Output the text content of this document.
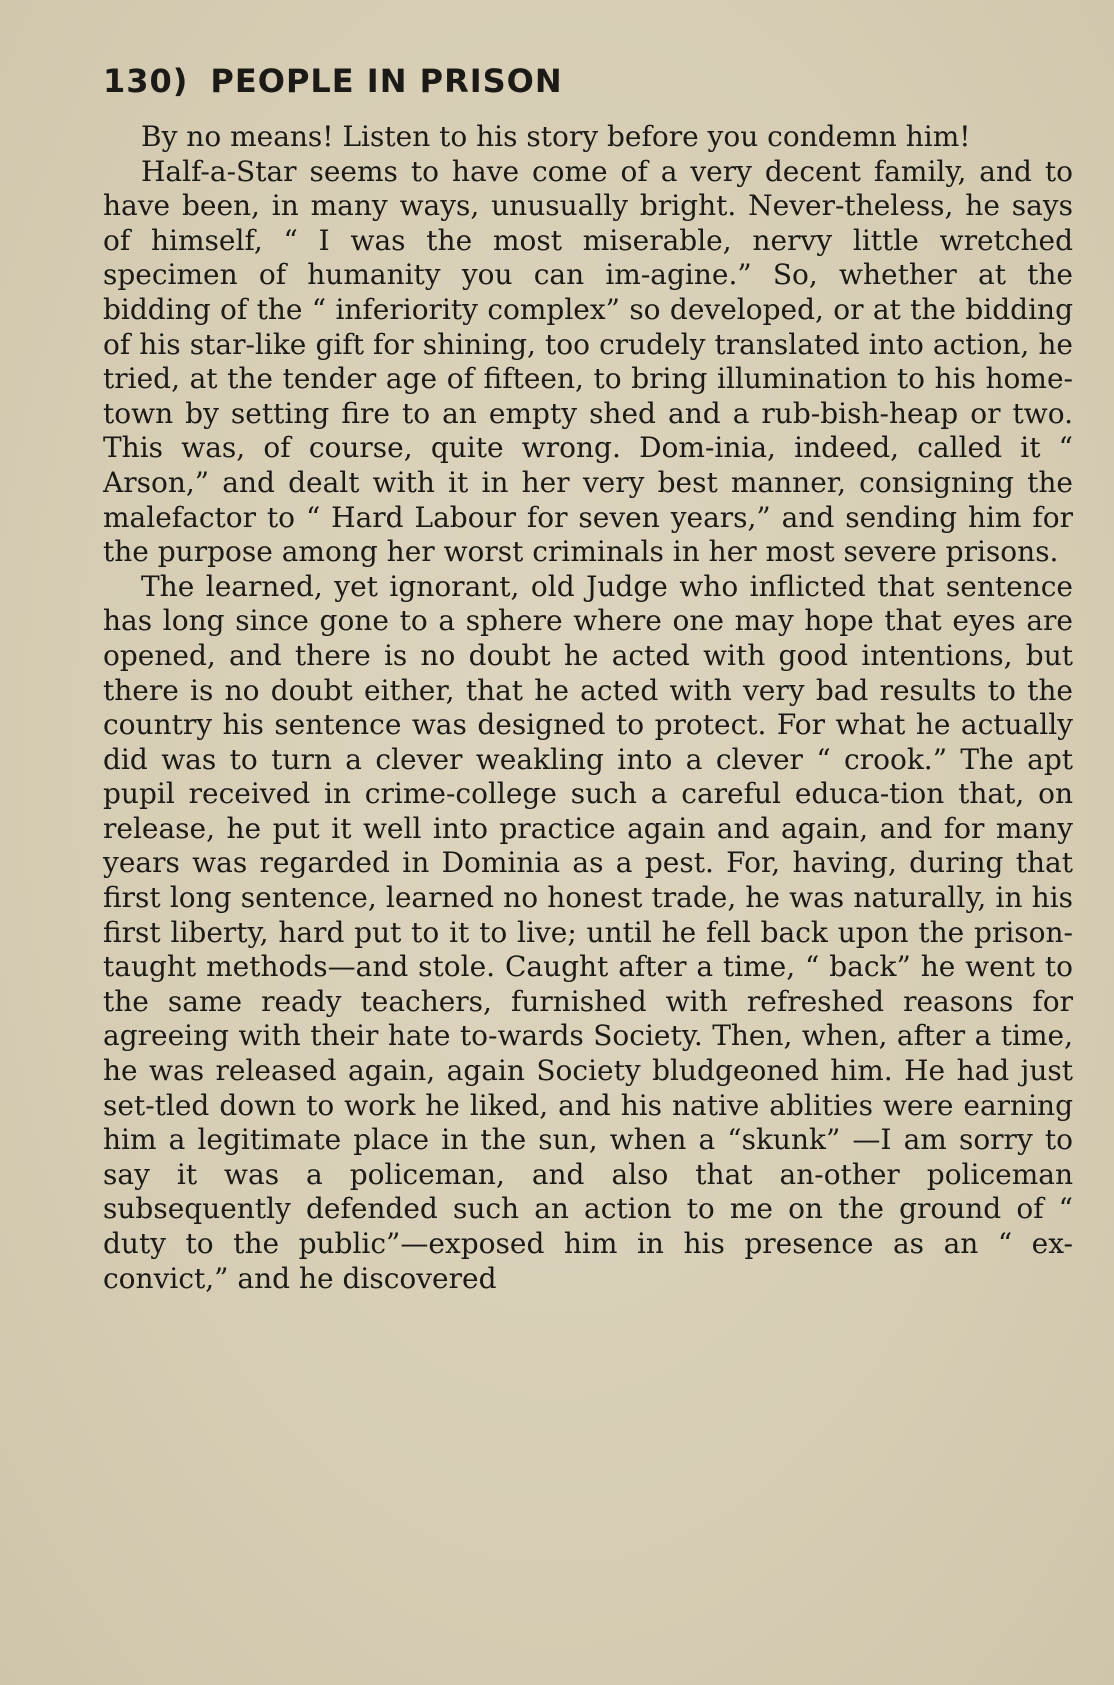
130) PEOPLE IN PRISON

By no means! Listen to his story before you condemn him!

Half-a-Star seems to have come of a very decent family, and to have been, in many ways, unusually bright. Never-theless, he says of himself, “ I was the most miserable, nervy little wretched specimen of humanity you can im-agine.” So, whether at the bidding of the “ inferiority complex” so developed, or at the bidding of his star-like gift for shining, too crudely translated into action, he tried, at the tender age of fifteen, to bring illumination to his home-town by setting fire to an empty shed and a rub-bish-heap or two. This was, of course, quite wrong. Dom-inia, indeed, called it “ Arson,” and dealt with it in her very best manner, consigning the malefactor to “ Hard Labour for seven years,” and sending him for the purpose among her worst criminals in her most severe prisons.

The learned, yet ignorant, old Judge who inflicted that sentence has long since gone to a sphere where one may hope that eyes are opened, and there is no doubt he acted with good intentions, but there is no doubt either, that he acted with very bad results to the country his sentence was designed to protect. For what he actually did was to turn a clever weakling into a clever “ crook.” The apt pupil received in crime-college such a careful educa-tion that, on release, he put it well into practice again and again, and for many years was regarded in Dominia as a pest. For, having, during that first long sentence, learned no honest trade, he was naturally, in his first liberty, hard put to it to live; until he fell back upon the prison-taught methods—and stole. Caught after a time, “ back” he went to the same ready teachers, furnished with refreshed reasons for agreeing with their hate to-wards Society. Then, when, after a time, he was released again, again Society bludgeoned him. He had just set-tled down to work he liked, and his native ablities were earning him a legitimate place in the sun, when a “skunk” —I am sorry to say it was a policeman, and also that an-other policeman subsequently defended such an action to me on the ground of “ duty to the public”—exposed him in his presence as an “ ex-convict,” and he discovered
